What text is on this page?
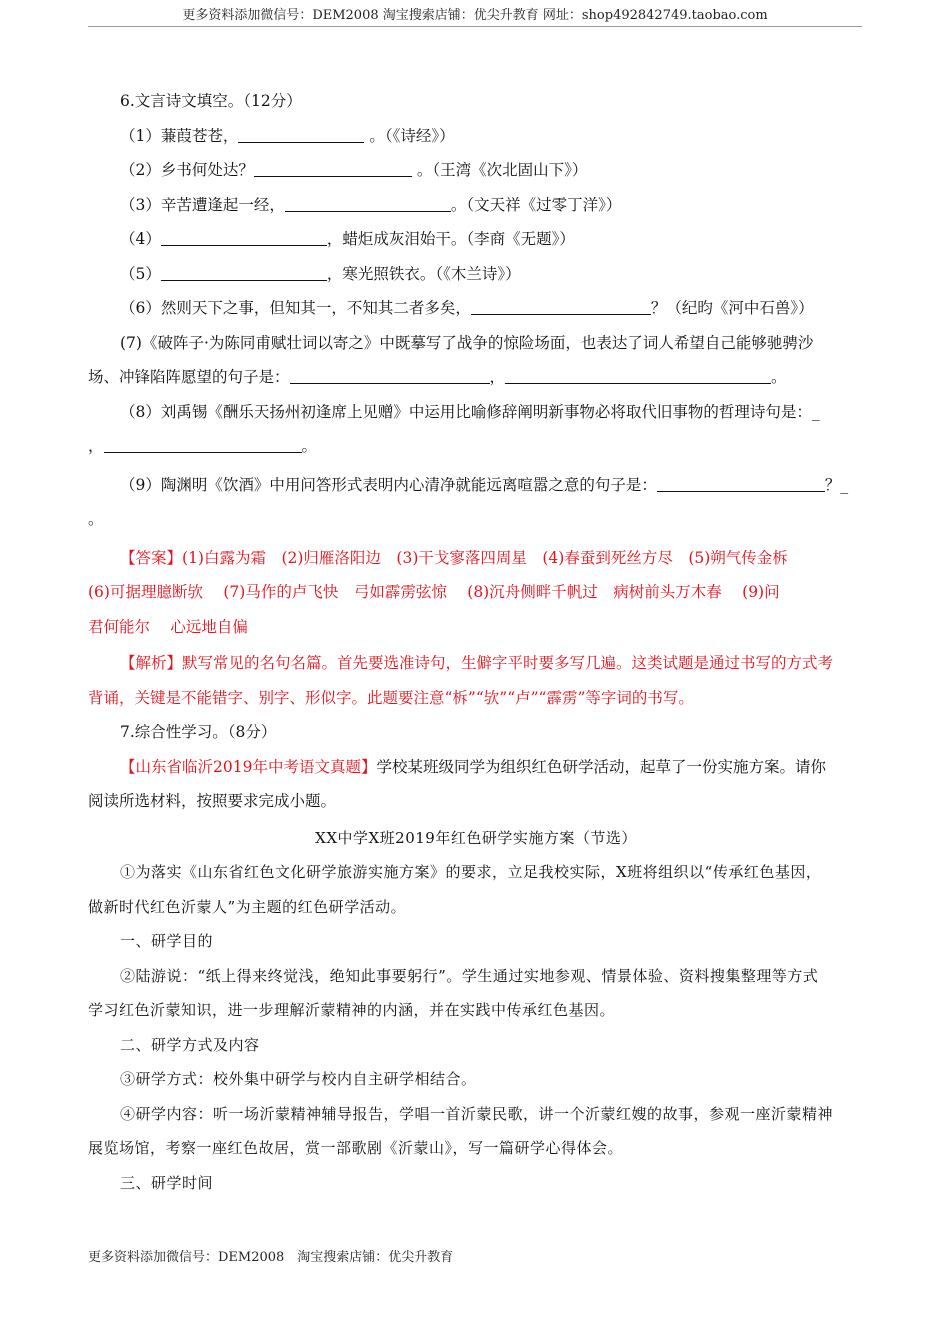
更多资料添加微信号：DEM2008 淘宝搜索店铺：优尖升教育 网址：shop492842749.taobao.com
6.文言诗文填空。（12分）
（1）蒹葭苍苍，	。（《诗经》）
（2）乡书何处达？	。（王湾《次北固山下》）
（3）辛苦遭逢起一经，	。（文天祥《过零丁洋》）
（4）	，蜡炬成灰泪始干。（李商《无题》）
（5）	，寒光照铁衣。（《木兰诗》）
（6）然则天下之事，但知其一，不知其二者多矣，	？（纪昀《河中石兽》）
(7)《破阵子·为陈同甫赋壮词以寄之》中既摹写了战争的惊险场面，也表达了词人希望自己能够驰骋沙
场、冲锋陷阵愿望的句子是：	，	。
（8）刘禹锡《酬乐天扬州初逢席上见赠》中运用比喻修辞阐明新事物必将取代旧事物的哲理诗句是：_
，	。
（9）陶渊明《饮酒》中用问答形式表明内心清净就能远离喧嚣之意的句子是：	？_
。
【答案】(1)白露为霜　(2)归雁洛阳边　(3)干戈寥落四周星　(4)春蚕到死丝方尽　(5)朔气传金柝
(6)可据理臆断欤　 (7)马作的卢飞快　弓如霹雳弦惊　 (8)沉舟侧畔千帆过　病树前头万木春　 (9)问
君何能尔　 心远地自偏
【解析】默写常见的名句名篇。首先要选准诗句，生僻字平时要多写几遍。这类试题是通过书写的方式考
背诵，关键是不能错字、别字、形似字。此题要注意“柝”“欤”“卢”“霹雳”等字词的书写。
7.综合性学习。（8分）
【山东省临沂2019年中考语文真题】学校某班级同学为组织红色研学活动，起草了一份实施方案。请你
阅读所选材料，按照要求完成小题。
XX中学X班2019年红色研学实施方案（节选）
①为落实《山东省红色文化研学旅游实施方案》的要求，立足我校实际，X班将组织以“传承红色基因，
做新时代红色沂蒙人”为主题的红色研学活动。
一、研学目的
②陆游说：“纸上得来终觉浅，绝知此事要躬行”。学生通过实地参观、情景体验、资料搜集整理等方式
学习红色沂蒙知识，进一步理解沂蒙精神的内涵，并在实践中传承红色基因。
二、研学方式及内容
③研学方式：校外集中研学与校内自主研学相结合。
④研学内容：听一场沂蒙精神辅导报告，学唱一首沂蒙民歌，讲一个沂蒙红嫂的故事，参观一座沂蒙精神
展览场馆，考察一座红色故居，赏一部歌剧《沂蒙山》，写一篇研学心得体会。
三、研学时间
更多资料添加微信号：DEM2008　淘宝搜索店铺：优尖升教育
